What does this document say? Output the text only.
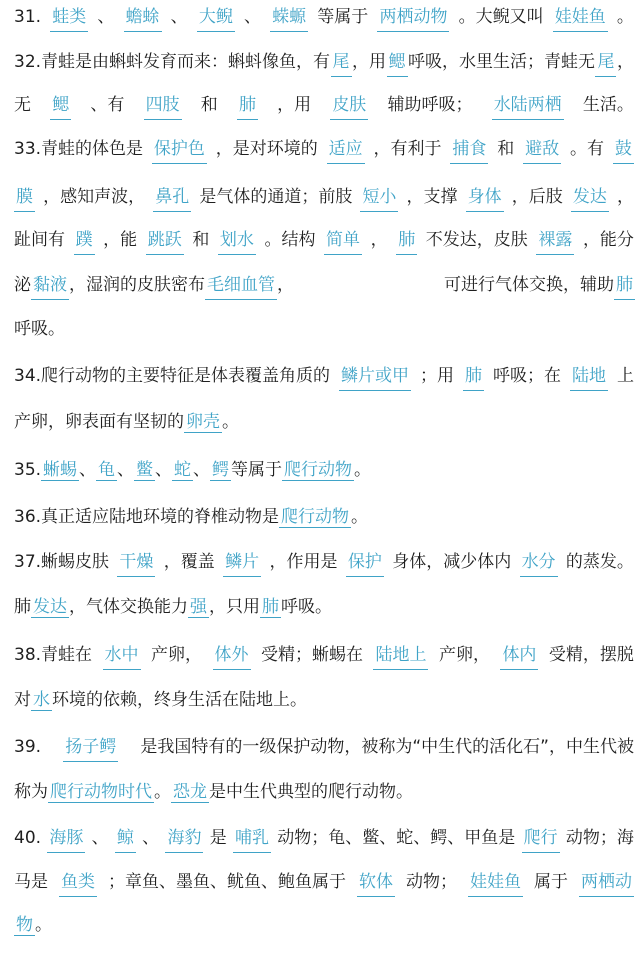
31. 蛙类 、 蟾蜍 、 大鲵 、 蝾螈 等属于 两栖动物 。大鲵又叫 娃娃鱼 。
32.青蛙是由蝌蚪发育而来：蝌蚪像鱼，有 尾 ，用 鳃 呼吸，水里生活；青蛙无 尾 ，
无 鳃 、有 四肢 和 肺 ，用 皮肤 辅助呼吸； 水陆两栖 生活。
33.青蛙的体色是 保护色 ，是对环境的 适应 ，有利于 捕食 和 避敌 。有 鼓
膜 ，感知声波， 鼻孔 是气体的通道；前肢 短小 ，支撑 身体 ，后肢 发达 ，
趾间有 蹼 ，能 跳跃 和 划水 。结构 简单 ， 肺 不发达，皮肤 裸露 ，能分
泌 黏液 ，湿润的皮肤密布 毛细血管 ，	可进行气体交换，辅助 肺
呼吸。
34.爬行动物的主要特征是体表覆盖角质的 鳞片或甲 ；用 肺 呼吸；在 陆地 上
产卵，卵表面有坚韧的 卵壳 。
35. 蜥蜴 、 龟 、 鳖 、 蛇 、 鳄 等属于 爬行动物 。
36.真正适应陆地环境的脊椎动物是 爬行动物 。
37.蜥蜴皮肤 干燥 ，覆盖 鳞片 ，作用是 保护 身体，减少体内 水分 的蒸发。
肺 发达 ，气体交换能力 强 ，只用 肺 呼吸。
38.青蛙在 水中 产卵， 体外 受精；蜥蜴在 陆地上 产卵， 体内 受精，摆脱
对 水 环境的依赖，终身生活在陆地上。
39. 扬子鳄 是我国特有的一级保护动物，被称为“中生代的活化石”，中生代被
称为 爬行动物时代 。 恐龙 是中生代典型的爬行动物。
40. 海豚 、 鲸 、 海豹 是 哺乳 动物；龟、鳖、蛇、鳄、甲鱼是 爬行 动物；海
马是 鱼类 ；章鱼、墨鱼、鱿鱼、鲍鱼属于 软体 动物； 娃娃鱼 属于 两栖动
物 。
